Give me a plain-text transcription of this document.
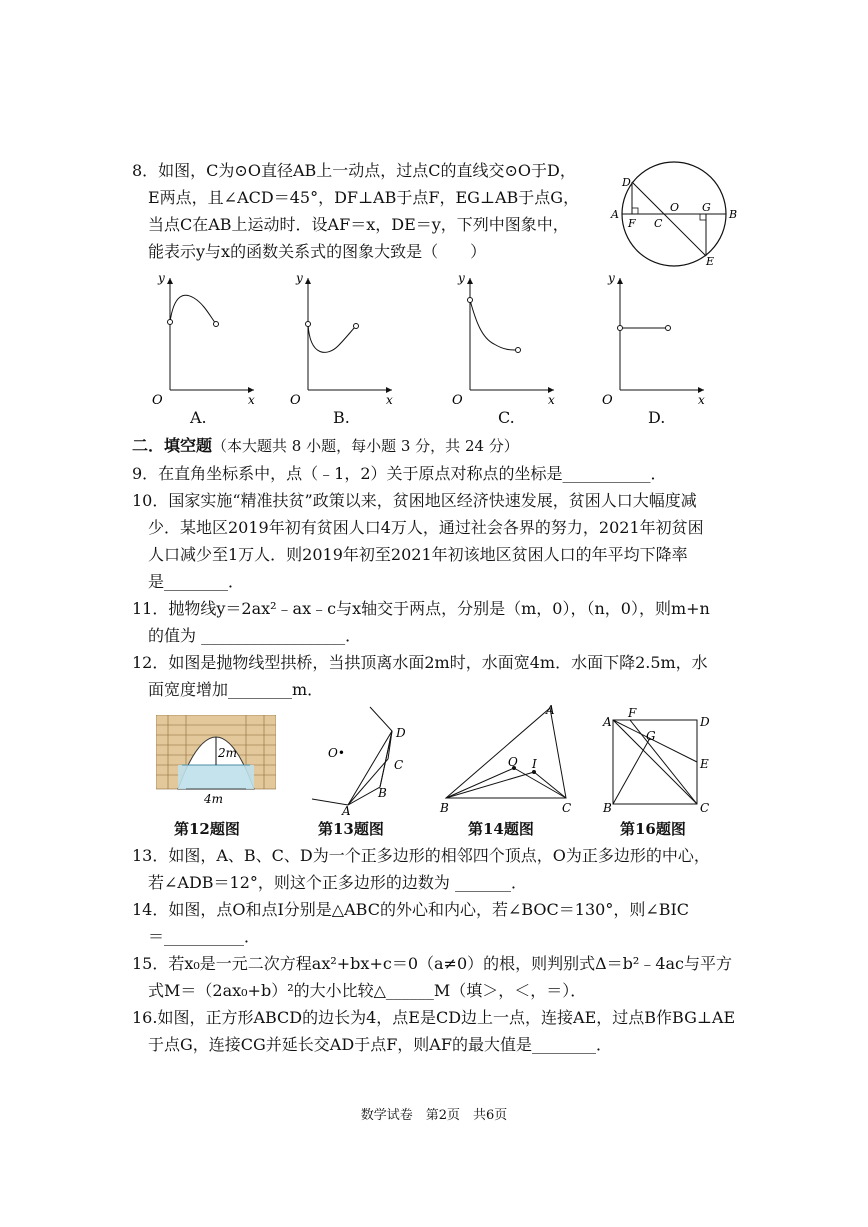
8．如图，C为⊙O直径AB上一动点，过点C的直线交⊙O于D，
E两点，且∠ACD＝45°，DF⊥AB于点F，EG⊥AB于点G，
当点C在AB上运动时．设AF＝x，DE＝y，下列中图象中，
能表示y与x的函数关系式的图象大致是（　　）
D
A
F C
O G
B
E
y
x
O
y
x
O
y
x
O
y
x
O
A.	B.	C.	D.
二．填空题（本大题共 8 小题，每小题 3 分，共 24 分）
9．在直角坐标系中，点（﹣1，2）关于原点对称点的坐标是___________．
10．国家实施“精准扶贫”政策以来，贫困地区经济快速发展，贫困人口大幅度减
少．某地区2019年初有贫困人口4万人，通过社会各界的努力，2021年初贫困
人口减少至1万人．则2019年初至2021年初该地区贫困人口的年平均下降率
是________．
11．抛物线y＝2ax²﹣ax﹣c与x轴交于两点，分别是（m，0），（n，0），则m+n
的值为 __________________．
12．如图是抛物线型拱桥，当拱顶离水面2m时，水面宽4m．水面下降2.5m，水
面宽度增加________m．
2m
4m
O•
D
C
B
A
A
O I
B	C
A
F
D
G
E
B	C
第12题图	第13题图	第14题图	第16题图
13．如图，A、B、C、D为一个正多边形的相邻四个顶点，O为正多边形的中心，
若∠ADB＝12°，则这个正多边形的边数为 _______．
14．如图，点O和点I分别是△ABC的外心和内心，若∠BOC＝130°，则∠BIC
＝__________．
15．若x₀是一元二次方程ax²+bx+c＝0（a≠0）的根，则判别式Δ＝b²﹣4ac与平方
式M＝（2ax₀+b）²的大小比较△______M（填＞，＜，＝）．
16.如图，正方形ABCD的边长为4，点E是CD边上一点，连接AE，过点B作BG⊥AE
于点G，连接CG并延长交AD于点F，则AF的最大值是________．
数学试卷　第2页　共6页
